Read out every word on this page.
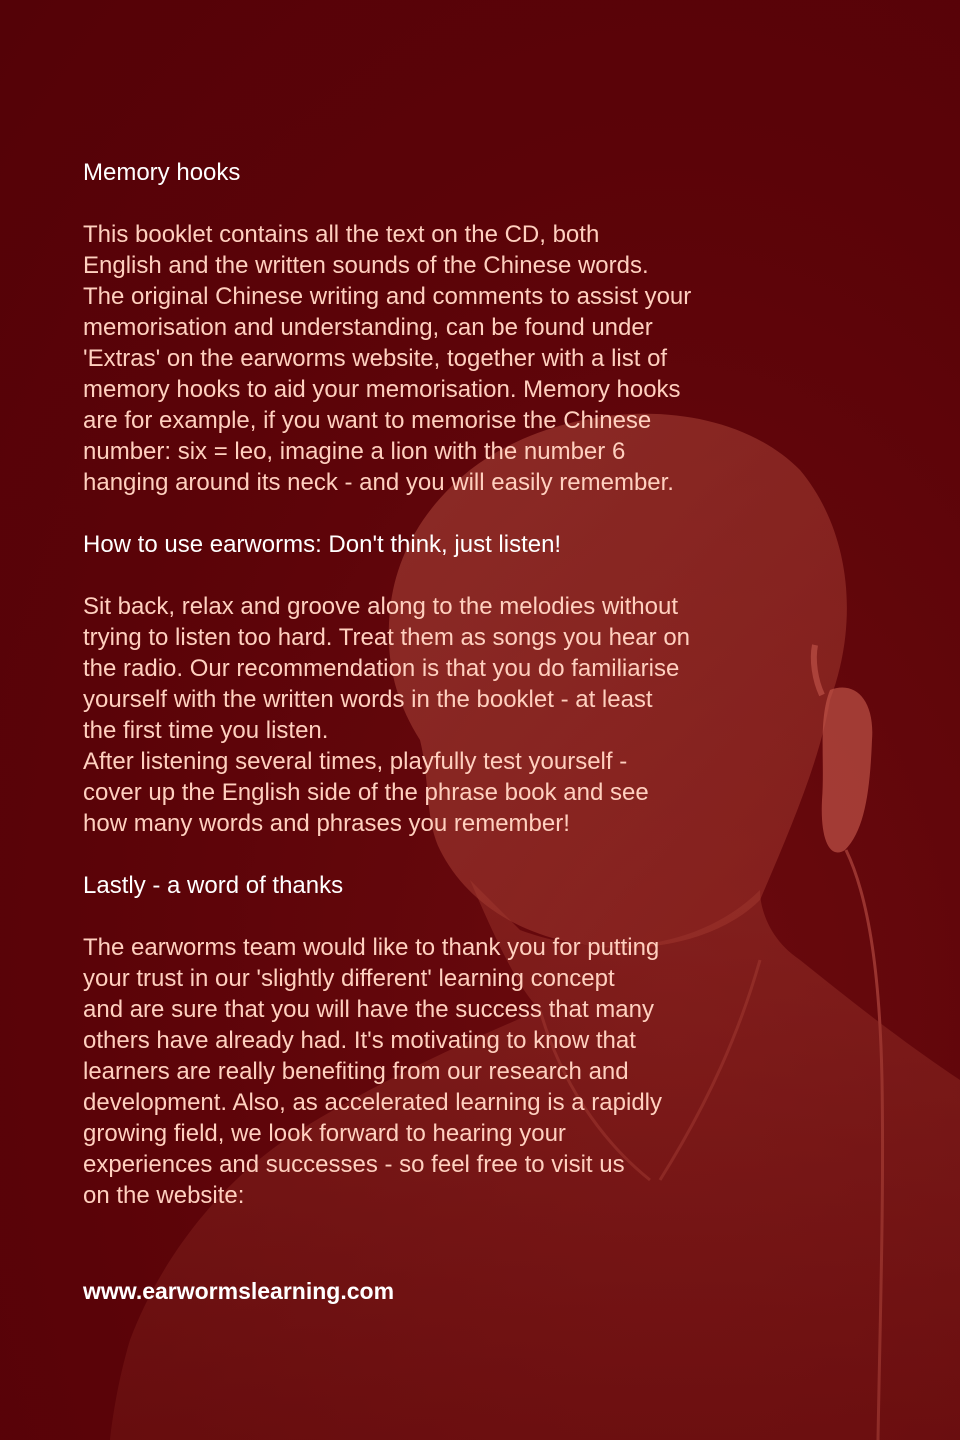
Memory hooks

This booklet contains all the text on the CD, both
English and the written sounds of the Chinese words.
The original Chinese writing and comments to assist your
memorisation and understanding, can be found under
'Extras' on the earworms website, together with a list of
memory hooks to aid your memorisation. Memory hooks
are for example, if you want to memorise the Chinese
number: six = leo, imagine a lion with the number 6
hanging around its neck - and you will easily remember.

How to use earworms: Don't think, just listen!

Sit back, relax and groove along to the melodies without
trying to listen too hard. Treat them as songs you hear on
the radio. Our recommendation is that you do familiarise
yourself with the written words in the booklet - at least
the first time you listen.
After listening several times, playfully test yourself -
cover up the English side of the phrase book and see
how many words and phrases you remember!

Lastly - a word of thanks

The earworms team would like to thank you for putting
your trust in our 'slightly different' learning concept
and are sure that you will have the success that many
others have already had. It's motivating to know that
learners are really benefiting from our research and
development. Also, as accelerated learning is a rapidly
growing field, we look forward to hearing your
experiences and successes - so feel free to visit us
on the website:

www.earwormslearning.com
